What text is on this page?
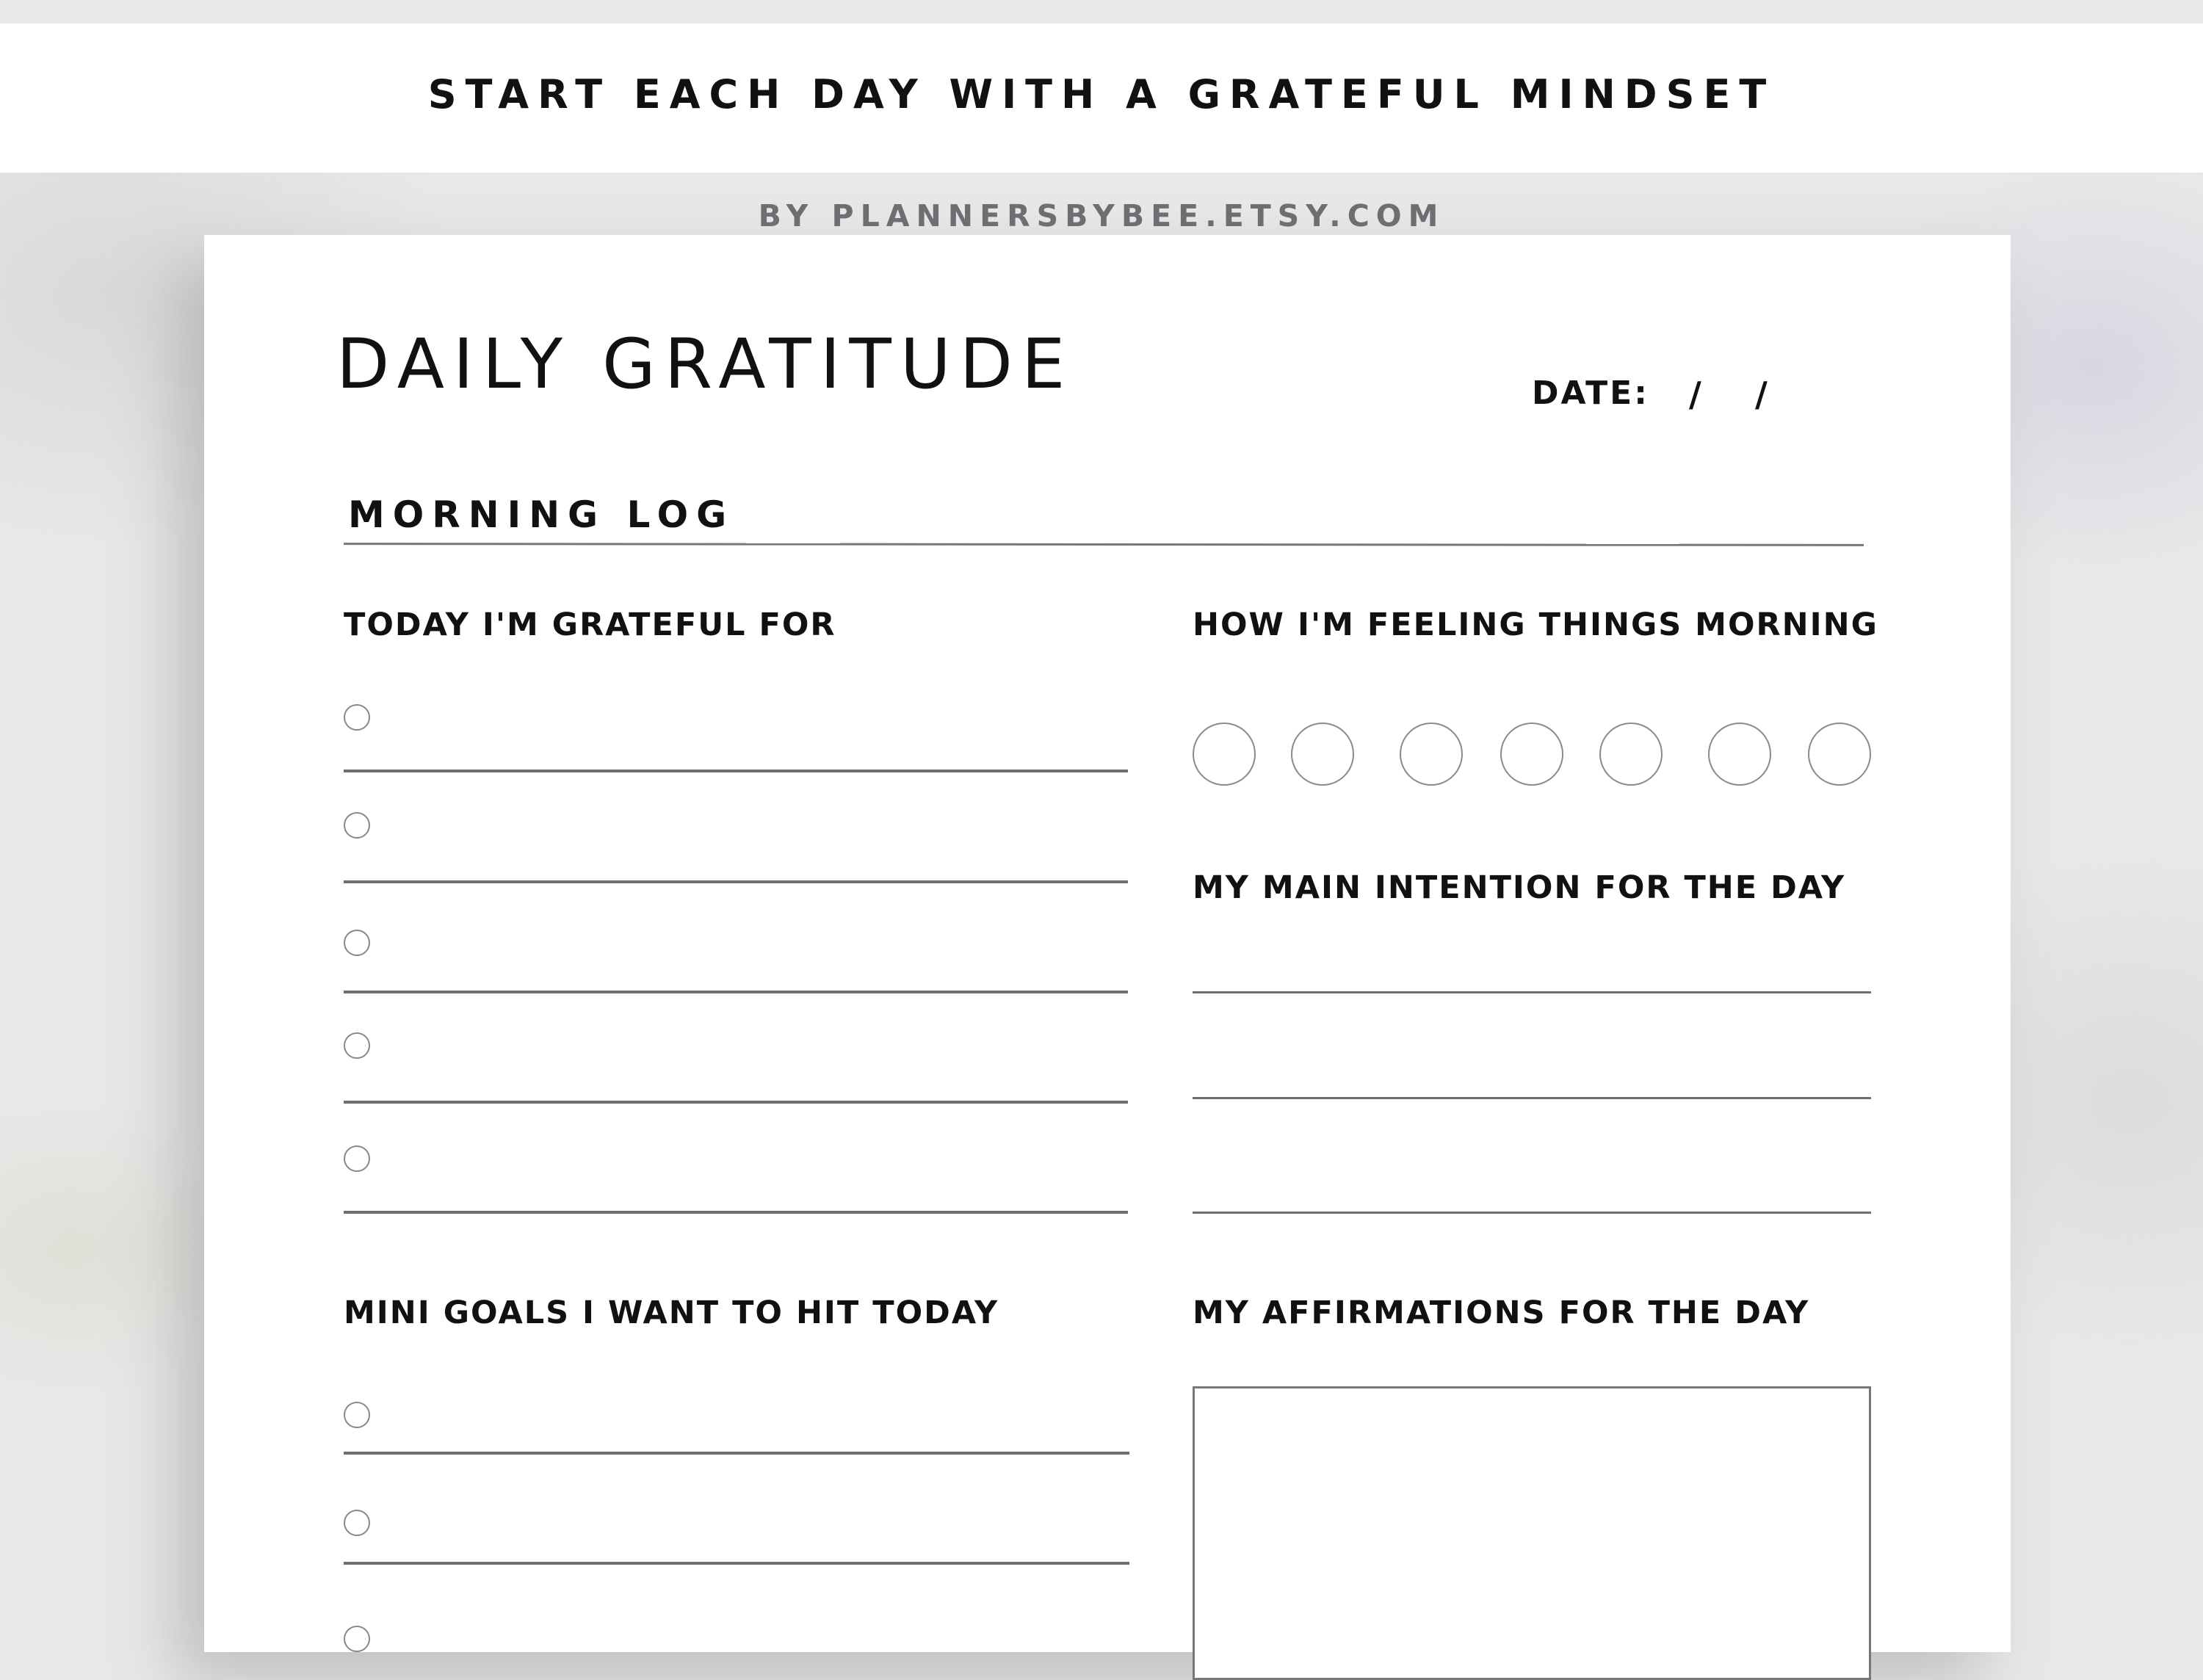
START EACH DAY WITH A GRATEFUL MINDSET
BY PLANNERSBYBEE.ETSY.COM
DAILY GRATITUDE	DATE: / /
MORNING LOG
TODAY I'M GRATEFUL FOR	HOW I'M FEELING THINGS MORNING
MY MAIN INTENTION FOR THE DAY
MINI GOALS I WANT TO HIT TODAY	MY AFFIRMATIONS FOR THE DAY
